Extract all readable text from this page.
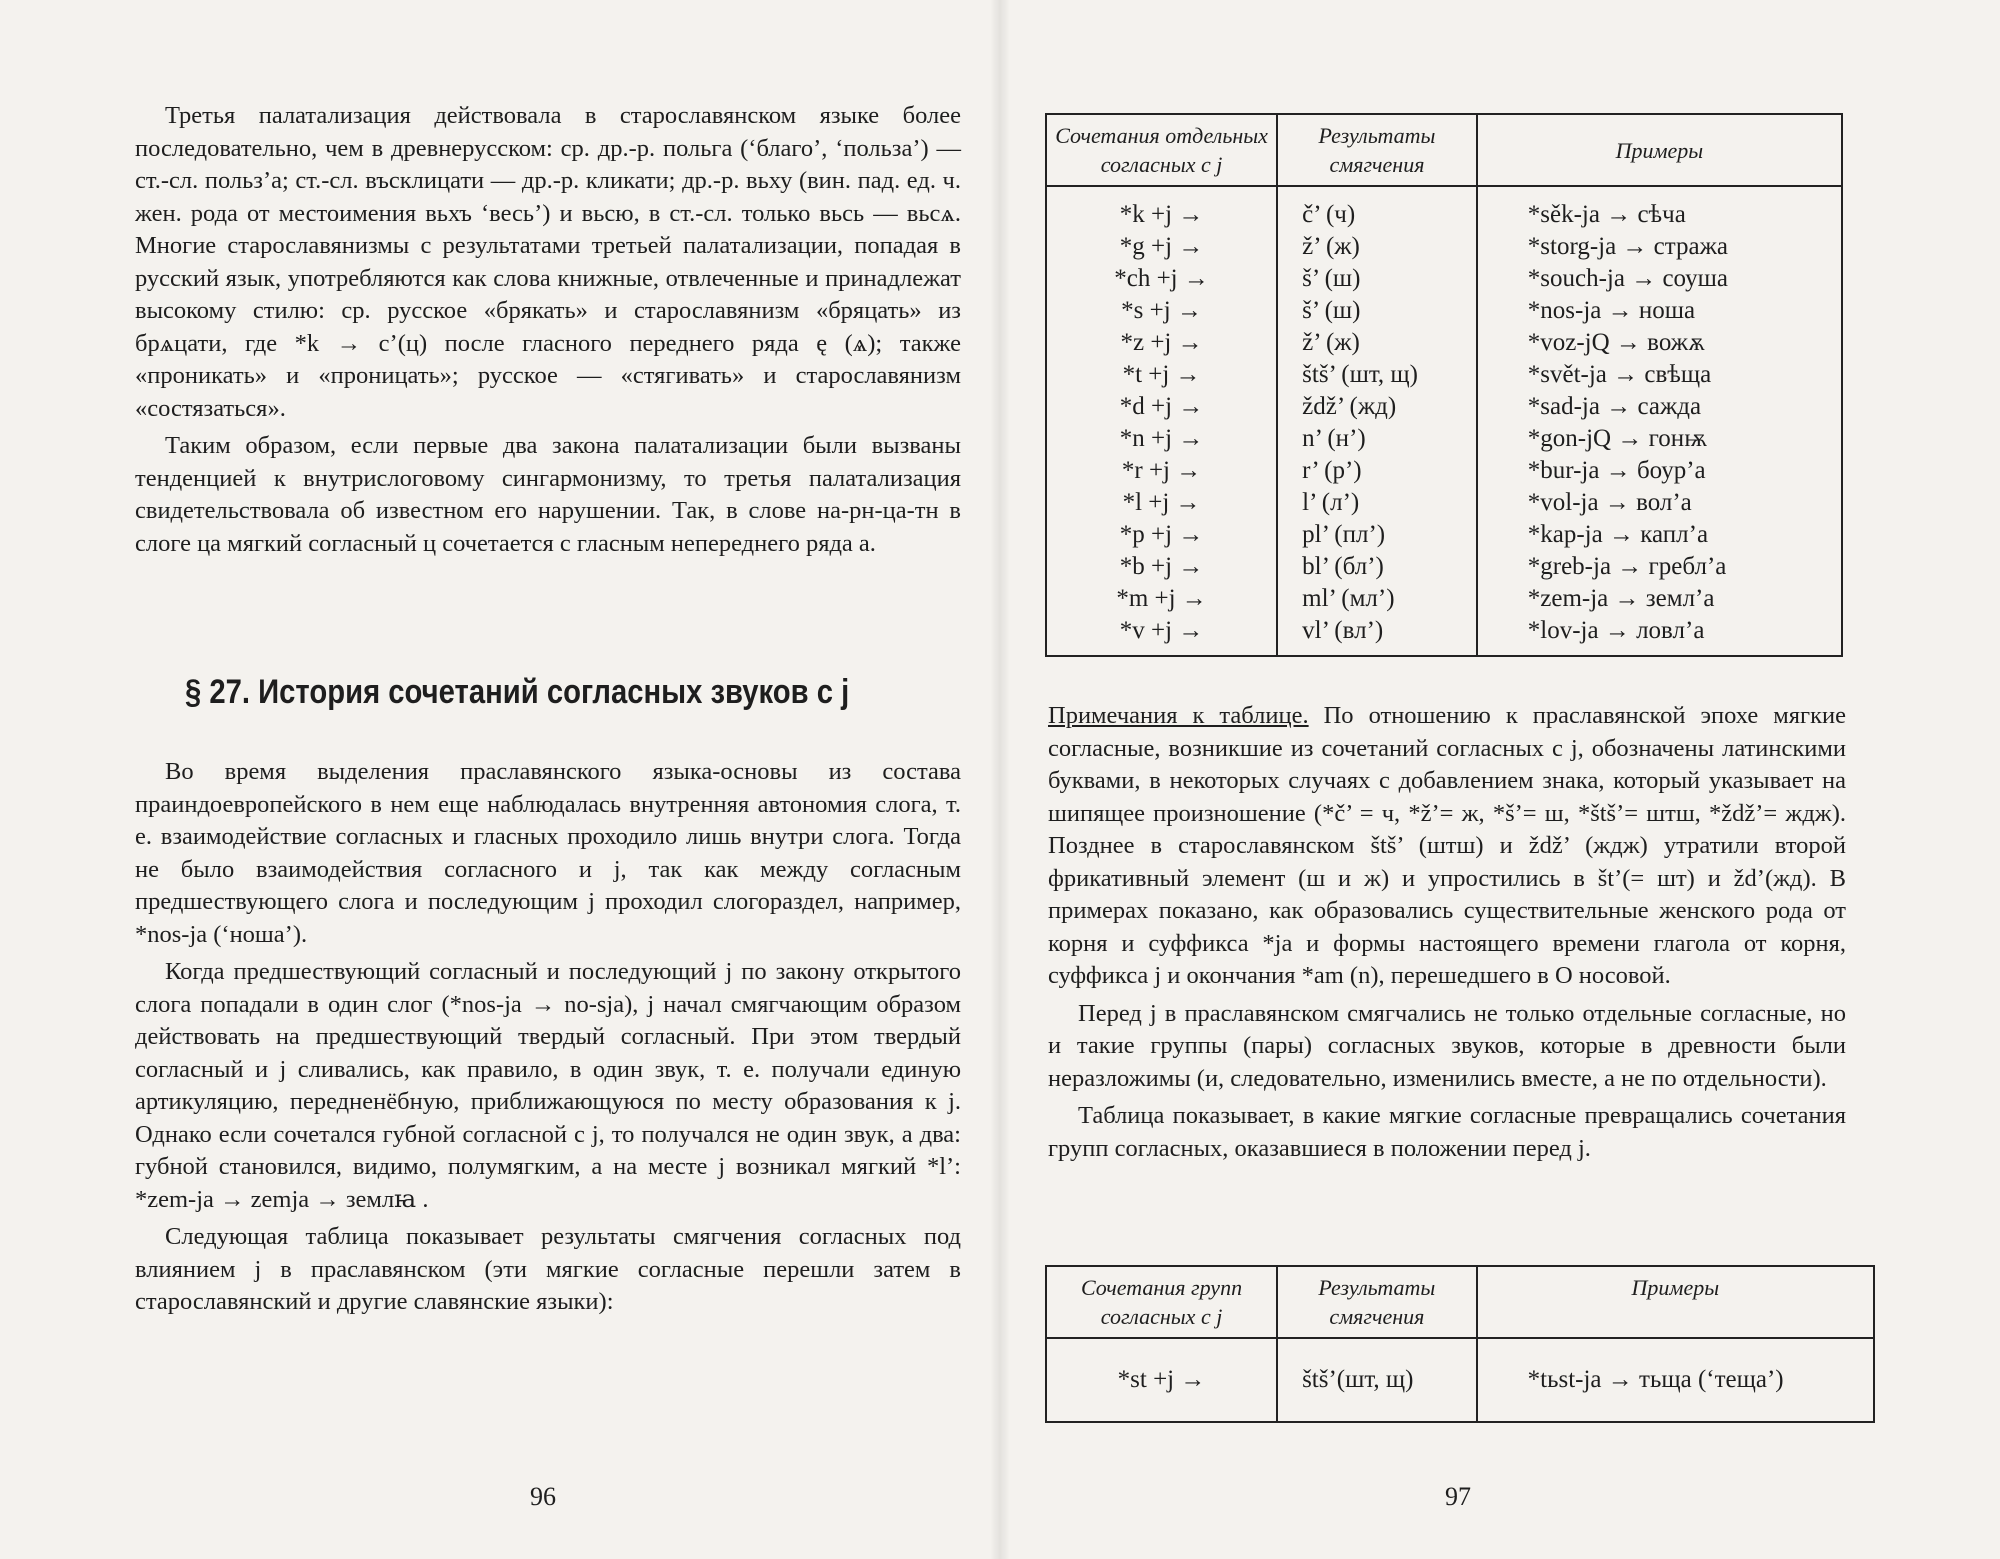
Третья палатализация действовала в старославянском языке более последовательно, чем в древнерусском: ср. др.-р. польга (‘благо’, ‘польза’) — ст.-сл. польз’а; ст.-сл. въсклицати — др.-р. кликати; др.-р. вьху (вин. пад. ед. ч. жен. рода от местоимения вьхъ ‘весь’) и вьсю, в ст.-сл. только вьсь — вьсѧ. Многие старославянизмы с результатами третьей палатализации, попадая в русский язык, употребляются как слова книжные, отвлеченные и принадлежат высокому стилю: ср. русское «брякать» и старославянизм «бряцать» из брѧцати, где *k → c’(ц) после гласного переднего ряда ę (ѧ); также «проникать» и «проницать»; русское — «стягивать» и старославянизм «состязаться».

Таким образом, если первые два закона палатализации были вызваны тенденцией к внутрислоговому сингармонизму, то третья палатализация свидетельствовала об известном его нарушении. Так, в слове на-рн-ца-тн в слоге ца мягкий согласный ц сочетается с гласным непереднего ряда а.

§ 27. История сочетаний согласных звуков с j

Во время выделения праславянского языка-основы из состава праиндоевропейского в нем еще наблюдалась внутренняя автономия слога, т. е. взаимодействие согласных и гласных проходило лишь внутри слога. Тогда не было взаимодействия согласного и j, так как между согласным предшествующего слога и последующим j проходил слогораздел, например, *nos-ja (‘ноша’).

Когда предшествующий согласный и последующий j по закону открытого слога попадали в один слог (*nos-ja → no-sja), j начал смягчающим образом действовать на предшествующий твердый согласный. При этом твердый согласный и j сливались, как правило, в один звук, т. е. получали единую артикуляцию, передненёбную, приближающуюся по месту образования к j. Однако если сочетался губной согласной с j, то получался не один звук, а два: губной становился, видимо, полумягким, а на месте j возникал мягкий *l’: *zem-ja → zemja → землꙗ .

Следующая таблица показывает результаты смягчения согласных под влиянием j в праславянском (эти мягкие согласные перешли затем в старославянский и другие славянские языки):

96
Сочетания отдельных согласных с j	Результаты смягчения	Примеры
*k +j →	č’ (ч)	*sěk-ja → сѣча
*g +j →	ž’ (ж)	*storg-ja → стража
*ch +j →	š’ (ш)	*souch-ja → соуша
*s +j →	š’ (ш)	*nos-ja → ноша
*z +j →	ž’ (ж)	*voz-jQ → вожѫ
*t +j →	štš’ (шт, щ)	*svět-ja → свѣща
*d +j →	ždž’ (жд)	*sad-ja → сажда
*n +j →	n’ (н’)	*gon-jQ → гонѭ
*r +j →	r’ (р’)	*bur-ja → боур’а
*l +j →	l’ (л’)	*vol-ja → вол’а
*p +j →	pl’ (пл’)	*kap-ja → капл’а
*b +j →	bl’ (бл’)	*greb-ja → гребл’а
*m +j →	ml’ (мл’)	*zem-ja → земл’а
*v +j →	vl’ (вл’)	*lov-ja → ловл’а

Примечания к таблице. По отношению к праславянской эпохе мягкие согласные, возникшие из сочетаний согласных с j, обозначены латинскими буквами, в некоторых случаях с добавлением знака, который указывает на шипящее произношение (*č’ = ч, *ž’= ж, *š’= ш, *štš’= штш, *ždž’= ждж). Позднее в старославянском štš’ (штш) и ždž’ (ждж) утратили второй фрикативный элемент (ш и ж) и упростились в št’(= шт) и žd’(жд). В примерах показано, как образовались существительные женского рода от корня и суффикса *ja и формы настоящего времени глагола от корня, суффикса j и окончания *am (n), перешедшего в О носовой.

Перед j в праславянском смягчались не только отдельные согласные, но и такие группы (пары) согласных звуков, которые в древности были неразложимы (и, следовательно, изменились вместе, а не по отдельности).

Таблица показывает, в какие мягкие согласные превращались сочетания групп согласных, оказавшиеся в положении перед j.

Сочетания групп согласных с j	Результаты смягчения	Примеры
*st +j →	štš’(шт, щ)	*tьst-ja → тьща (‘теща’)
97
